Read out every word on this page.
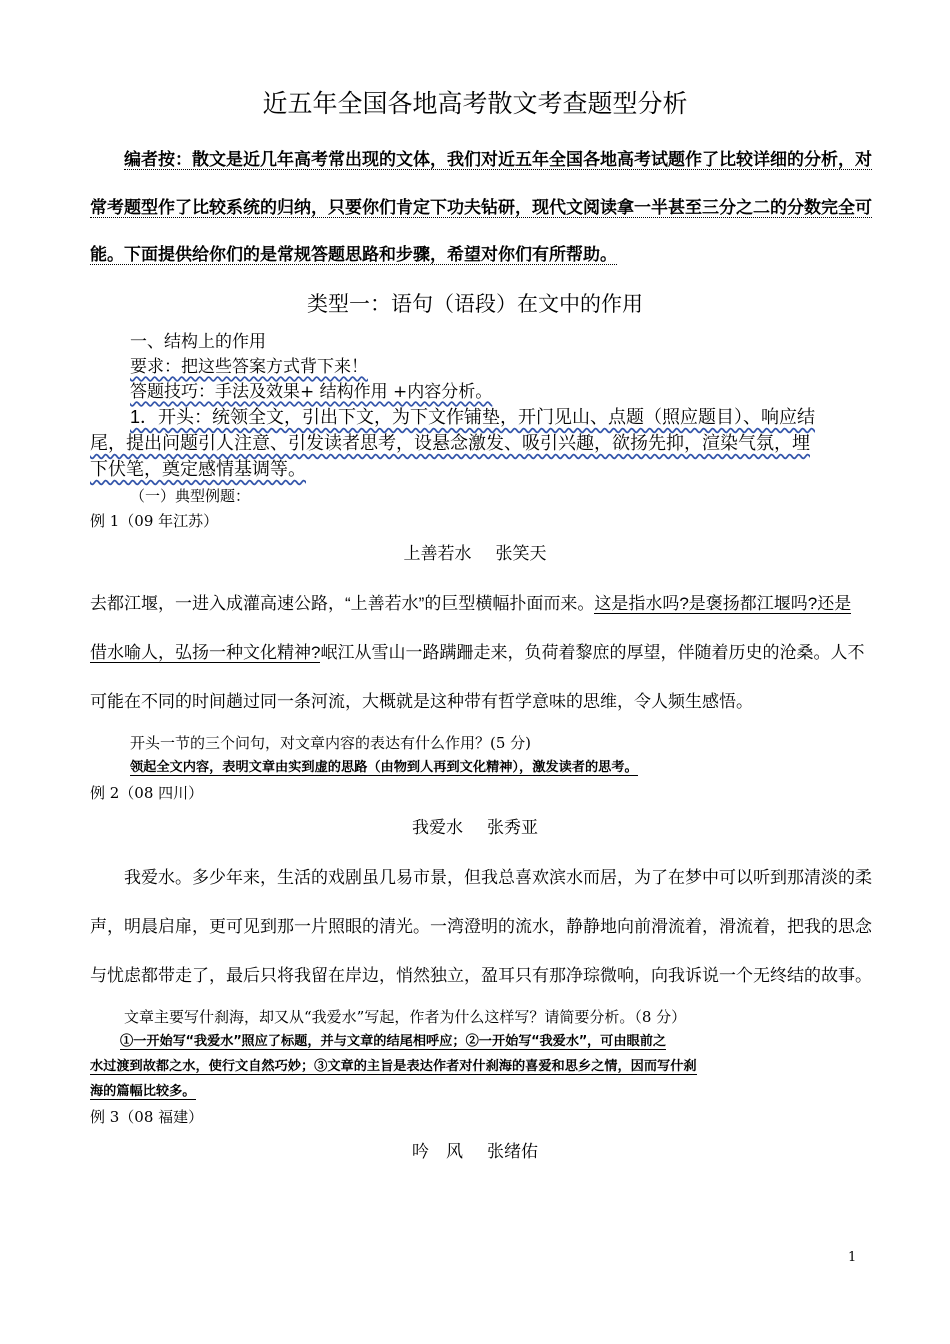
近五年全国各地高考散文考查题型分析
编者按：散文是近几年高考常出现的文体，我们对近五年全国各地高考试题作了比较详细的分析，对
常考题型作了比较系统的归纳，只要你们肯定下功夫钻研，现代文阅读拿一半甚至三分之二的分数完全可
能。下面提供给你们的是常规答题思路和步骤，希望对你们有所帮助。
类型一：语句（语段）在文中的作用
一、结构上的作用
要求：把这些答案方式背下来！
答题技巧：手法及效果+ 结构作用 +内容分析。
1．开头：统领全文，引出下文，为下文作铺垫，开门见山、点题（照应题目）、响应结
尾，提出问题引人注意、引发读者思考，设悬念激发、吸引兴趣，欲扬先抑，渲染气氛，埋
下伏笔，奠定感情基调等。
（一）典型例题：
例 1（09 年江苏）
上善若水 张笑天
去都江堰，一进入成灌高速公路，“上善若水”的巨型横幅扑面而来。这是指水吗?是褒扬都江堰吗?还是
借水喻人，弘扬一种文化精神?岷江从雪山一路蹒跚走来，负荷着黎庶的厚望，伴随着历史的沧桑。人不
可能在不同的时间趟过同一条河流，大概就是这种带有哲学意味的思维，令人频生感悟。
开头一节的三个问句，对文章内容的表达有什么作用？(5 分)
领起全文内容，表明文章由实到虚的思路（由物到人再到文化精神），激发读者的思考。
例 2（08 四川）
我爱水 张秀亚
我爱水。多少年来，生活的戏剧虽几易市景，但我总喜欢滨水而居，为了在梦中可以听到那清淡的柔
声，明晨启扉，更可见到那一片照眼的清光。一湾澄明的流水，静静地向前滑流着，滑流着，把我的思念
与忧虑都带走了，最后只将我留在岸边，悄然独立，盈耳只有那净琮微响，向我诉说一个无终结的故事。
文章主要写什刹海，却又从“我爱水”写起，作者为什么这样写？请简要分析。（8 分）
①一开始写“我爱水”照应了标题，并与文章的结尾相呼应；②一开始写“我爱水”，可由眼前之
水过渡到故都之水，使行文自然巧妙；③文章的主旨是表达作者对什刹海的喜爱和思乡之情，因而写什刹
海的篇幅比较多。
例 3（08 福建）
吟　风 张绪佑
1
